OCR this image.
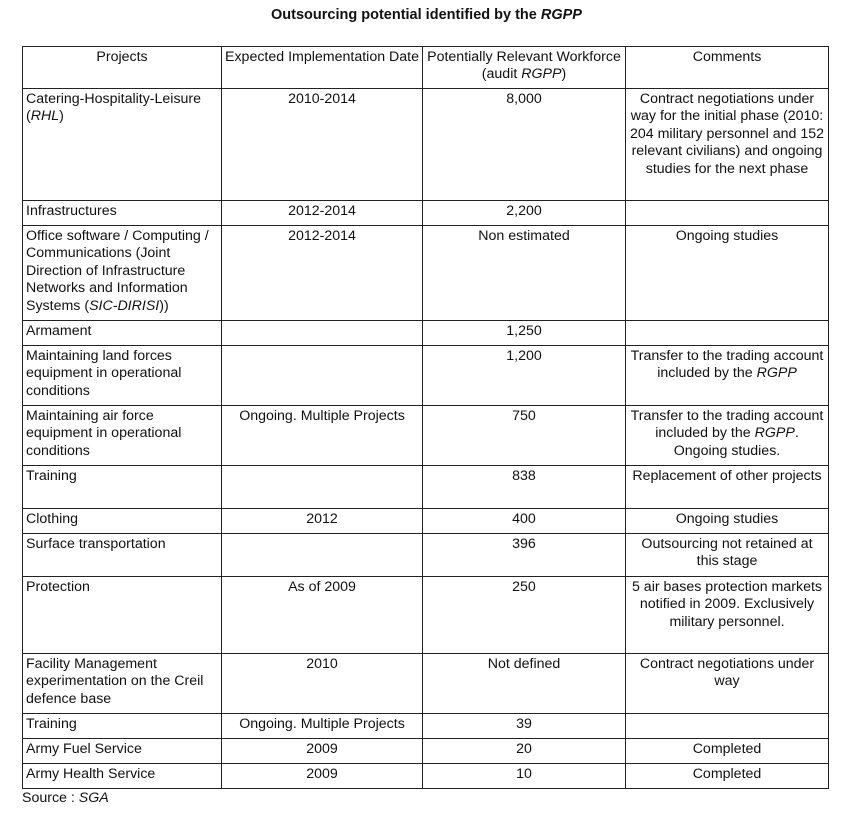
Outsourcing potential identified by the RGPP
Projects	Expected Implementation Date	Potentially Relevant Workforce (audit RGPP)	Comments
Catering-Hospitality-Leisure (RHL)	2010-2014	8,000	Contract negotiations under way for the initial phase (2010: 204 military personnel and 152 relevant civilians) and ongoing studies for the next phase
Infrastructures	2012-2014	2,200	
Office software / Computing / Communications (Joint Direction of Infrastructure Networks and Information Systems (SIC-DIRISI))	2012-2014	Non estimated	Ongoing studies
Armament		1,250	
Maintaining land forces equipment in operational conditions		1,200	Transfer to the trading account included by the RGPP
Maintaining air force equipment in operational conditions	Ongoing. Multiple Projects	750	Transfer to the trading account included by the RGPP. Ongoing studies.
Training		838	Replacement of other projects
Clothing	2012	400	Ongoing studies
Surface transportation		396	Outsourcing not retained at this stage
Protection	As of 2009	250	5 air bases protection markets notified in 2009. Exclusively military personnel.
Facility Management experimentation on the Creil defence base	2010	Not defined	Contract negotiations under way
Training	Ongoing. Multiple Projects	39	
Army Fuel Service	2009	20	Completed
Army Health Service	2009	10	Completed
Source : SGA
